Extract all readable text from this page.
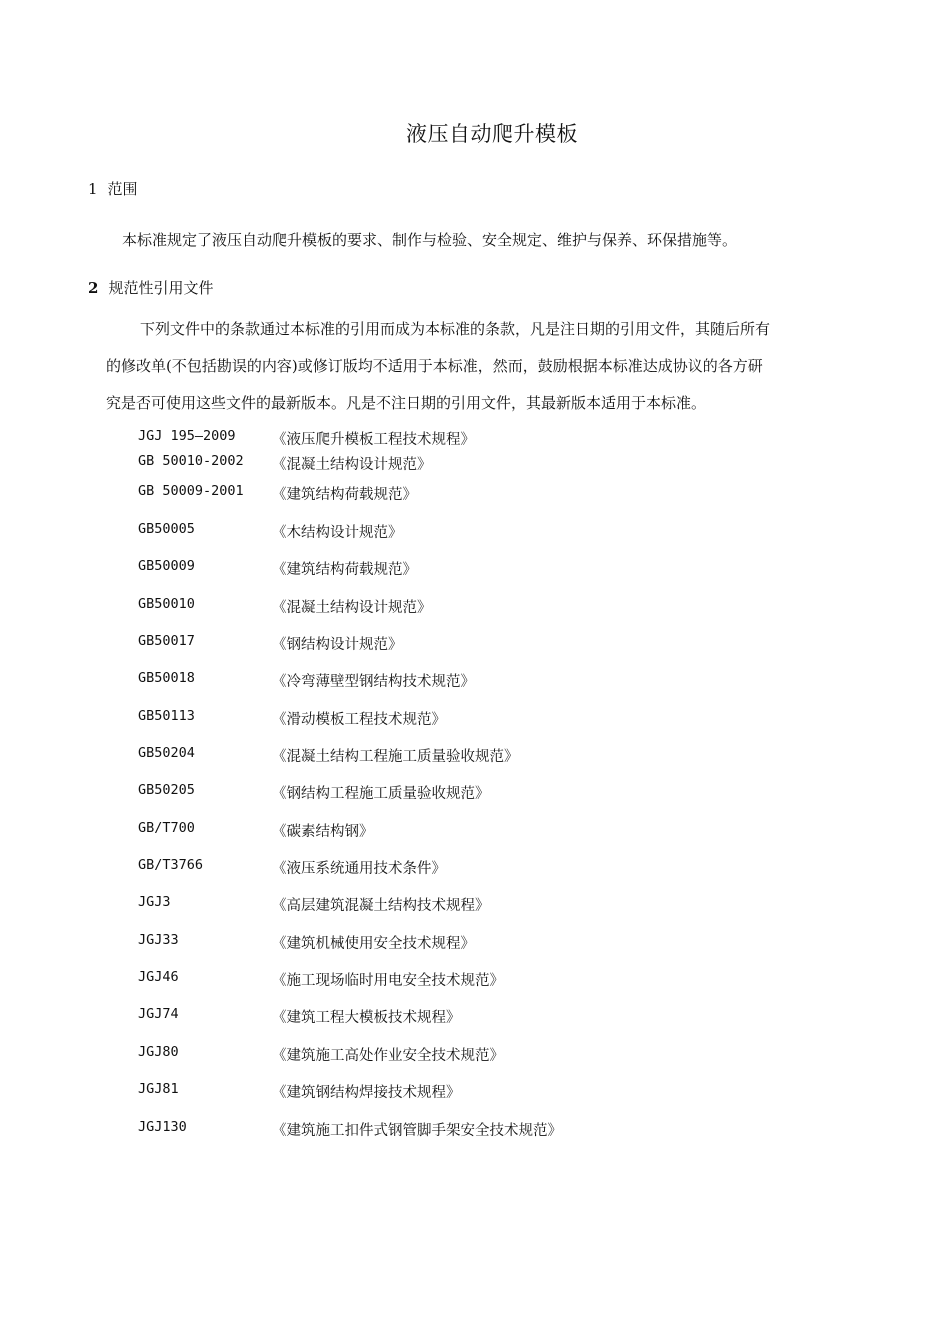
液压自动爬升模板
1 范围
本标准规定了液压自动爬升模板的要求、制作与检验、安全规定、维护与保养、环保措施等。
2 规范性引用文件
下列文件中的条款通过本标准的引用而成为本标准的条款，凡是注日期的引用文件，其随后所有
的修改单(不包括勘误的内容)或修订版均不适用于本标准，然而，鼓励根据本标准达成协议的各方研
究是否可使用这些文件的最新版本。凡是不注日期的引用文件，其最新版本适用于本标准。
JGJ 195—2009	《液压爬升模板工程技术规程》
GB 50010-2002 《混凝土结构设计规范》
GB 50009-2001 《建筑结构荷载规范》
GB50005	《木结构设计规范》
GB50009	《建筑结构荷载规范》
GB50010	《混凝土结构设计规范》
GB50017	《钢结构设计规范》
GB50018	《冷弯薄壁型钢结构技术规范》
GB50113	《滑动模板工程技术规范》
GB50204	《混凝土结构工程施工质量验收规范》
GB50205	《钢结构工程施工质量验收规范》
GB/T700	《碳素结构钢》
GB/T3766	《液压系统通用技术条件》
JGJ3	《高层建筑混凝土结构技术规程》
JGJ33	《建筑机械使用安全技术规程》
JGJ46	《施工现场临时用电安全技术规范》
JGJ74	《建筑工程大模板技术规程》
JGJ80	《建筑施工高处作业安全技术规范》
JGJ81	《建筑钢结构焊接技术规程》
JGJ130	《建筑施工扣件式钢管脚手架安全技术规范》
